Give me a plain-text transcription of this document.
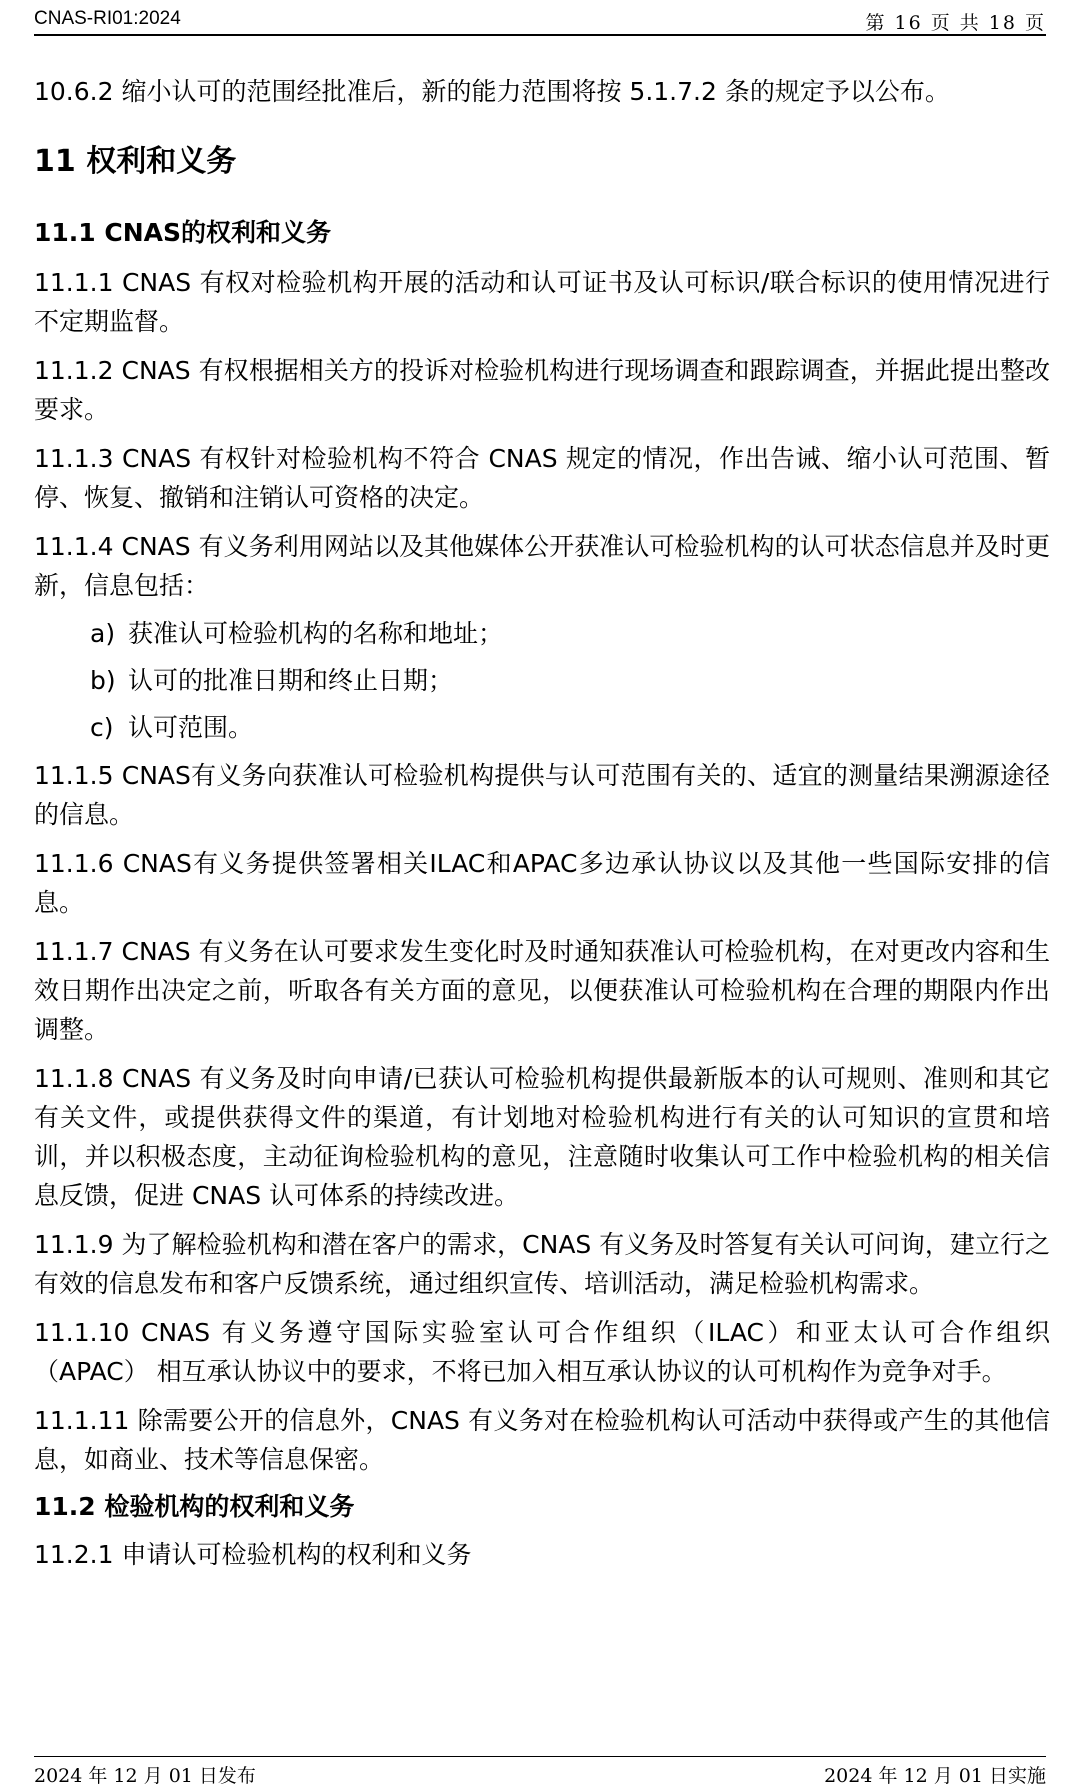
CNAS-RI01:2024	第 16 页 共 18 页

10.6.2 缩小认可的范围经批准后，新的能力范围将按 5.1.7.2 条的规定予以公布。

11 权利和义务
11.1 CNAS的权利和义务

11.1.1 CNAS 有权对检验机构开展的活动和认可证书及认可标识/联合标识的使用情况进行不定期监督。

11.1.2 CNAS 有权根据相关方的投诉对检验机构进行现场调查和跟踪调查，并据此提出整改要求。

11.1.3 CNAS 有权针对检验机构不符合 CNAS 规定的情况，作出告诫、缩小认可范围、暂停、恢复、撤销和注销认可资格的决定。

11.1.4 CNAS 有义务利用网站以及其他媒体公开获准认可检验机构的认可状态信息并及时更新，信息包括：

a) 获准认可检验机构的名称和地址；
b) 认可的批准日期和终止日期；
c) 认可范围。

11.1.5 CNAS有义务向获准认可检验机构提供与认可范围有关的、适宜的测量结果溯源途径的信息。

11.1.6 CNAS有义务提供签署相关ILAC和APAC多边承认协议以及其他一些国际安排的信息。

11.1.7 CNAS 有义务在认可要求发生变化时及时通知获准认可检验机构，在对更改内容和生效日期作出决定之前，听取各有关方面的意见，以便获准认可检验机构在合理的期限内作出调整。

11.1.8 CNAS 有义务及时向申请/已获认可检验机构提供最新版本的认可规则、准则和其它有关文件，或提供获得文件的渠道，有计划地对检验机构进行有关的认可知识的宣贯和培训，并以积极态度，主动征询检验机构的意见，注意随时收集认可工作中检验机构的相关信息反馈，促进 CNAS 认可体系的持续改进。

11.1.9 为了解检验机构和潜在客户的需求，CNAS 有义务及时答复有关认可问询，建立行之有效的信息发布和客户反馈系统，通过组织宣传、培训活动，满足检验机构需求。

11.1.10 CNAS 有义务遵守国际实验室认可合作组织（ILAC）和亚太认可合作组织（APAC） 相互承认协议中的要求，不将已加入相互承认协议的认可机构作为竞争对手。

11.1.11 除需要公开的信息外，CNAS 有义务对在检验机构认可活动中获得或产生的其他信息，如商业、技术等信息保密。

11.2 检验机构的权利和义务

11.2.1 申请认可检验机构的权利和义务

2024 年 12 月 01 日发布	2024 年 12 月 01 日实施
